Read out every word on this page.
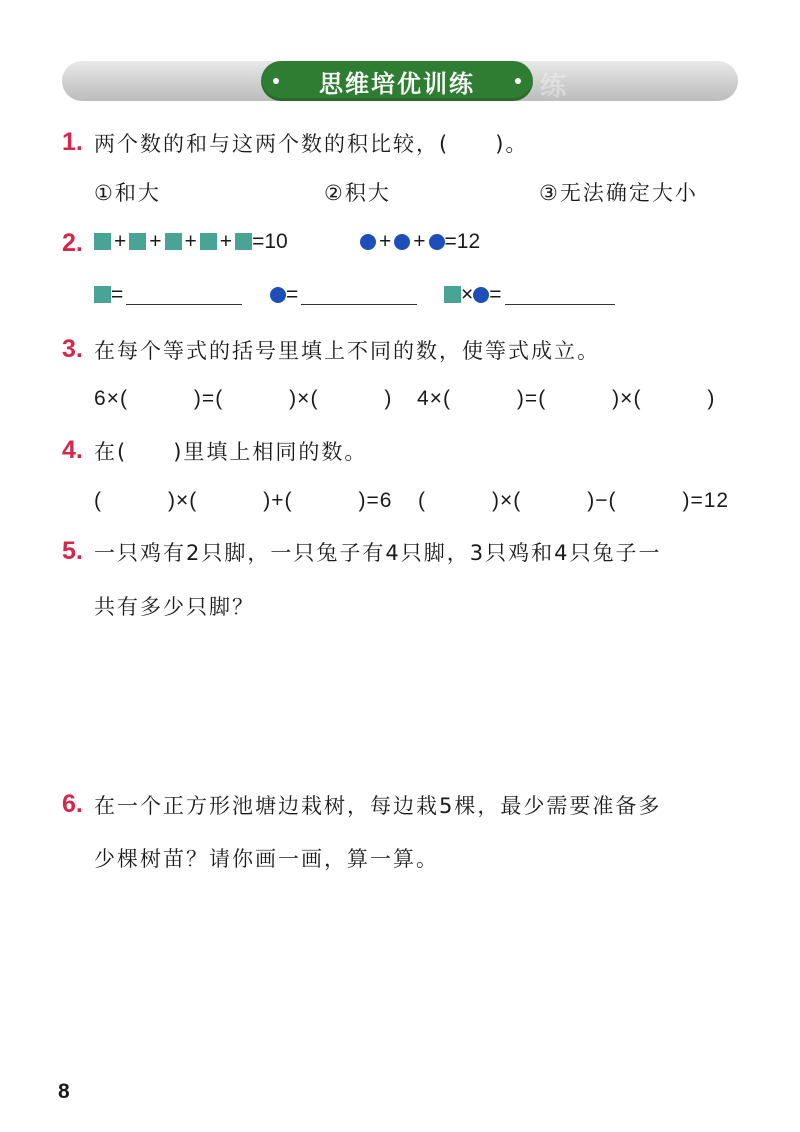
练
思维培优训练
1. 两个数的和与这两个数的积比较，(　　)。
①和大	②积大	③无法确定大小
2.	+ + + + =10	+ + =12
=	=	× =
3. 在每个等式的括号里填上不同的数，使等式成立。
6×(　　　)=(　　　)×(　　　) 4×(　　　)=(　　　)×(　　　)
4. 在(　　)里填上相同的数。
(　　　)×(　　　)+(　　　)=6 (　　　)×(　　　)−(　　　)=12
5. 一只鸡有2只脚，一只兔子有4只脚，3只鸡和4只兔子一
共有多少只脚？
6. 在一个正方形池塘边栽树，每边栽5棵，最少需要准备多
少棵树苗？请你画一画，算一算。
8
